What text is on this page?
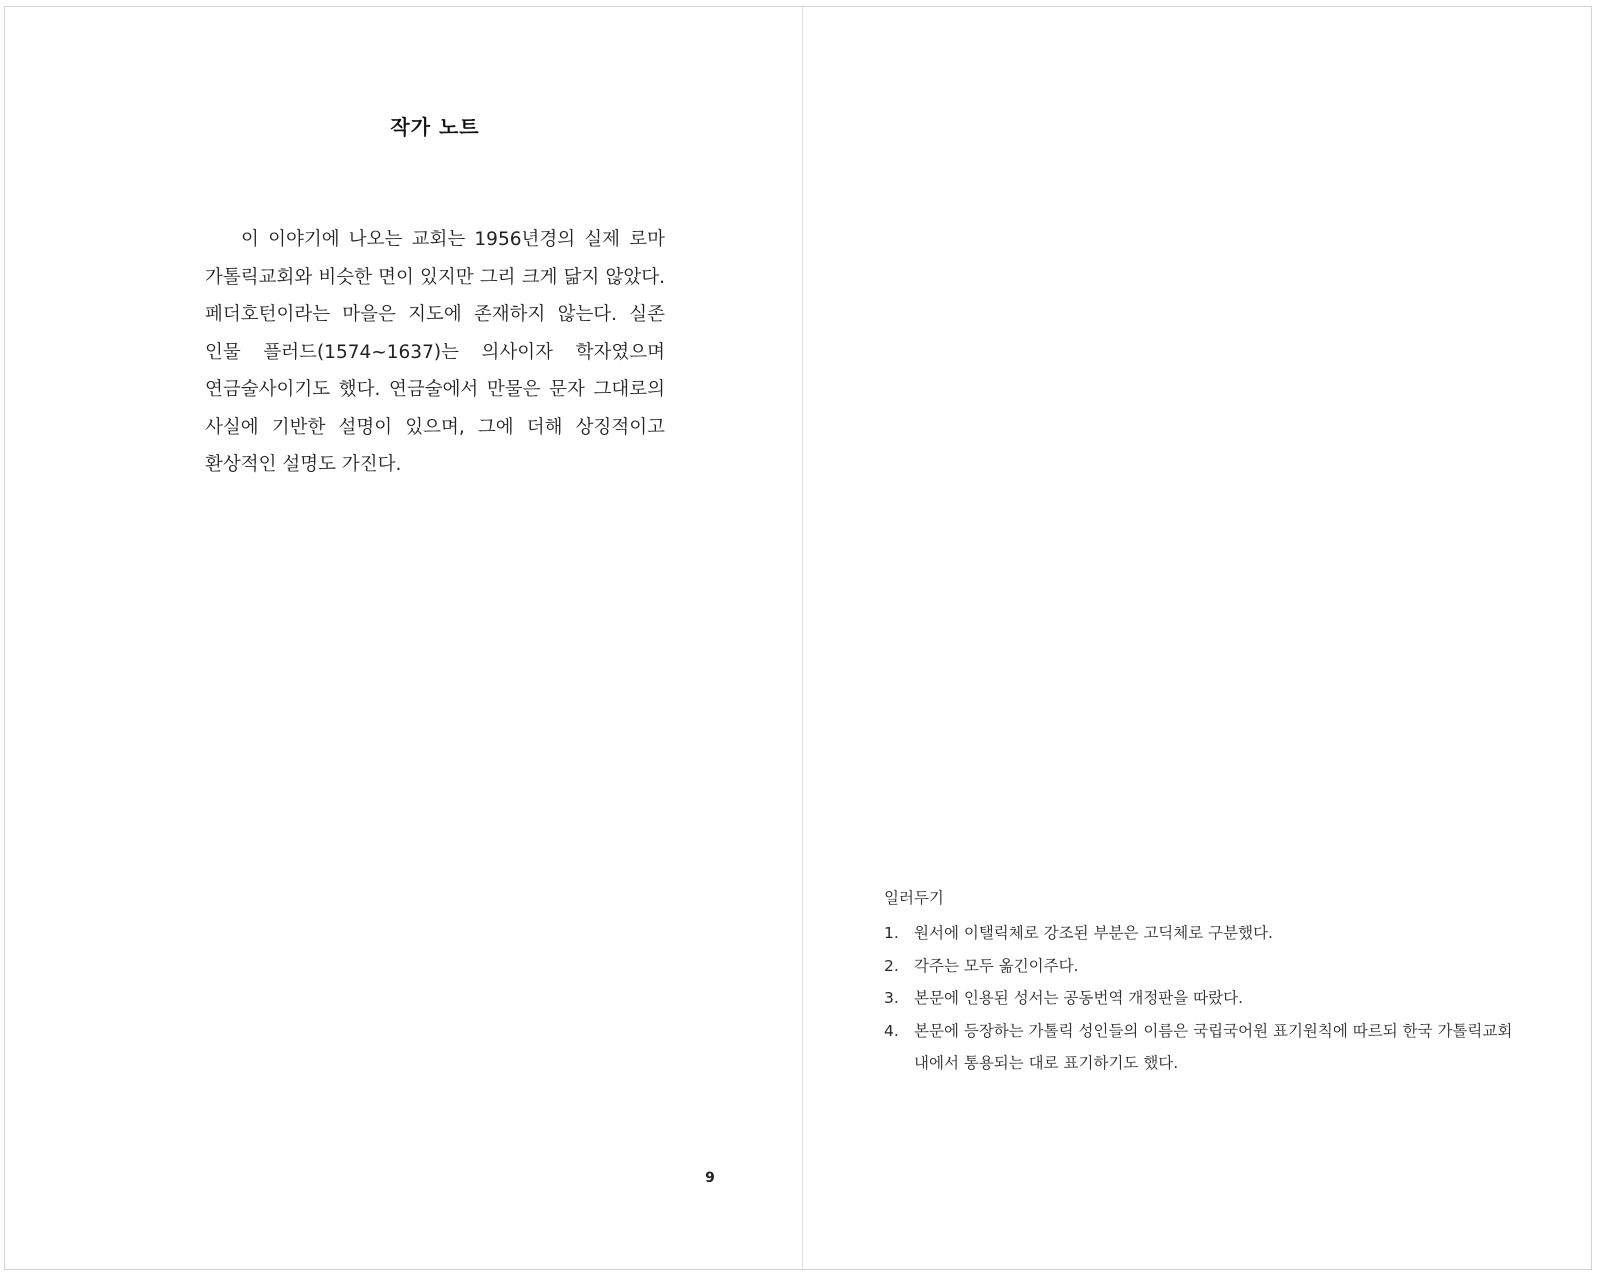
작가 노트

이 이야기에 나오는 교회는 1956년경의 실제 로마 가톨릭교회와 비슷한 면이 있지만 그리 크게 닮지 않았다. 페더호턴이라는 마을은 지도에 존재하지 않는다. 실존 인물 플러드(1574~1637)는 의사이자 학자였으며 연금술사이기도 했다. 연금술에서 만물은 문자 그대로의 사실에 기반한 설명이 있으며, 그에 더해 상징적이고 환상적인 설명도 가진다.

9
일러두기
1. 원서에 이탤릭체로 강조된 부분은 고딕체로 구분했다.
2. 각주는 모두 옮긴이주다.
3. 본문에 인용된 성서는 공동번역 개정판을 따랐다.
4. 본문에 등장하는 가톨릭 성인들의 이름은 국립국어원 표기원칙에 따르되 한국 가톨릭교회 내에서 통용되는 대로 표기하기도 했다.
